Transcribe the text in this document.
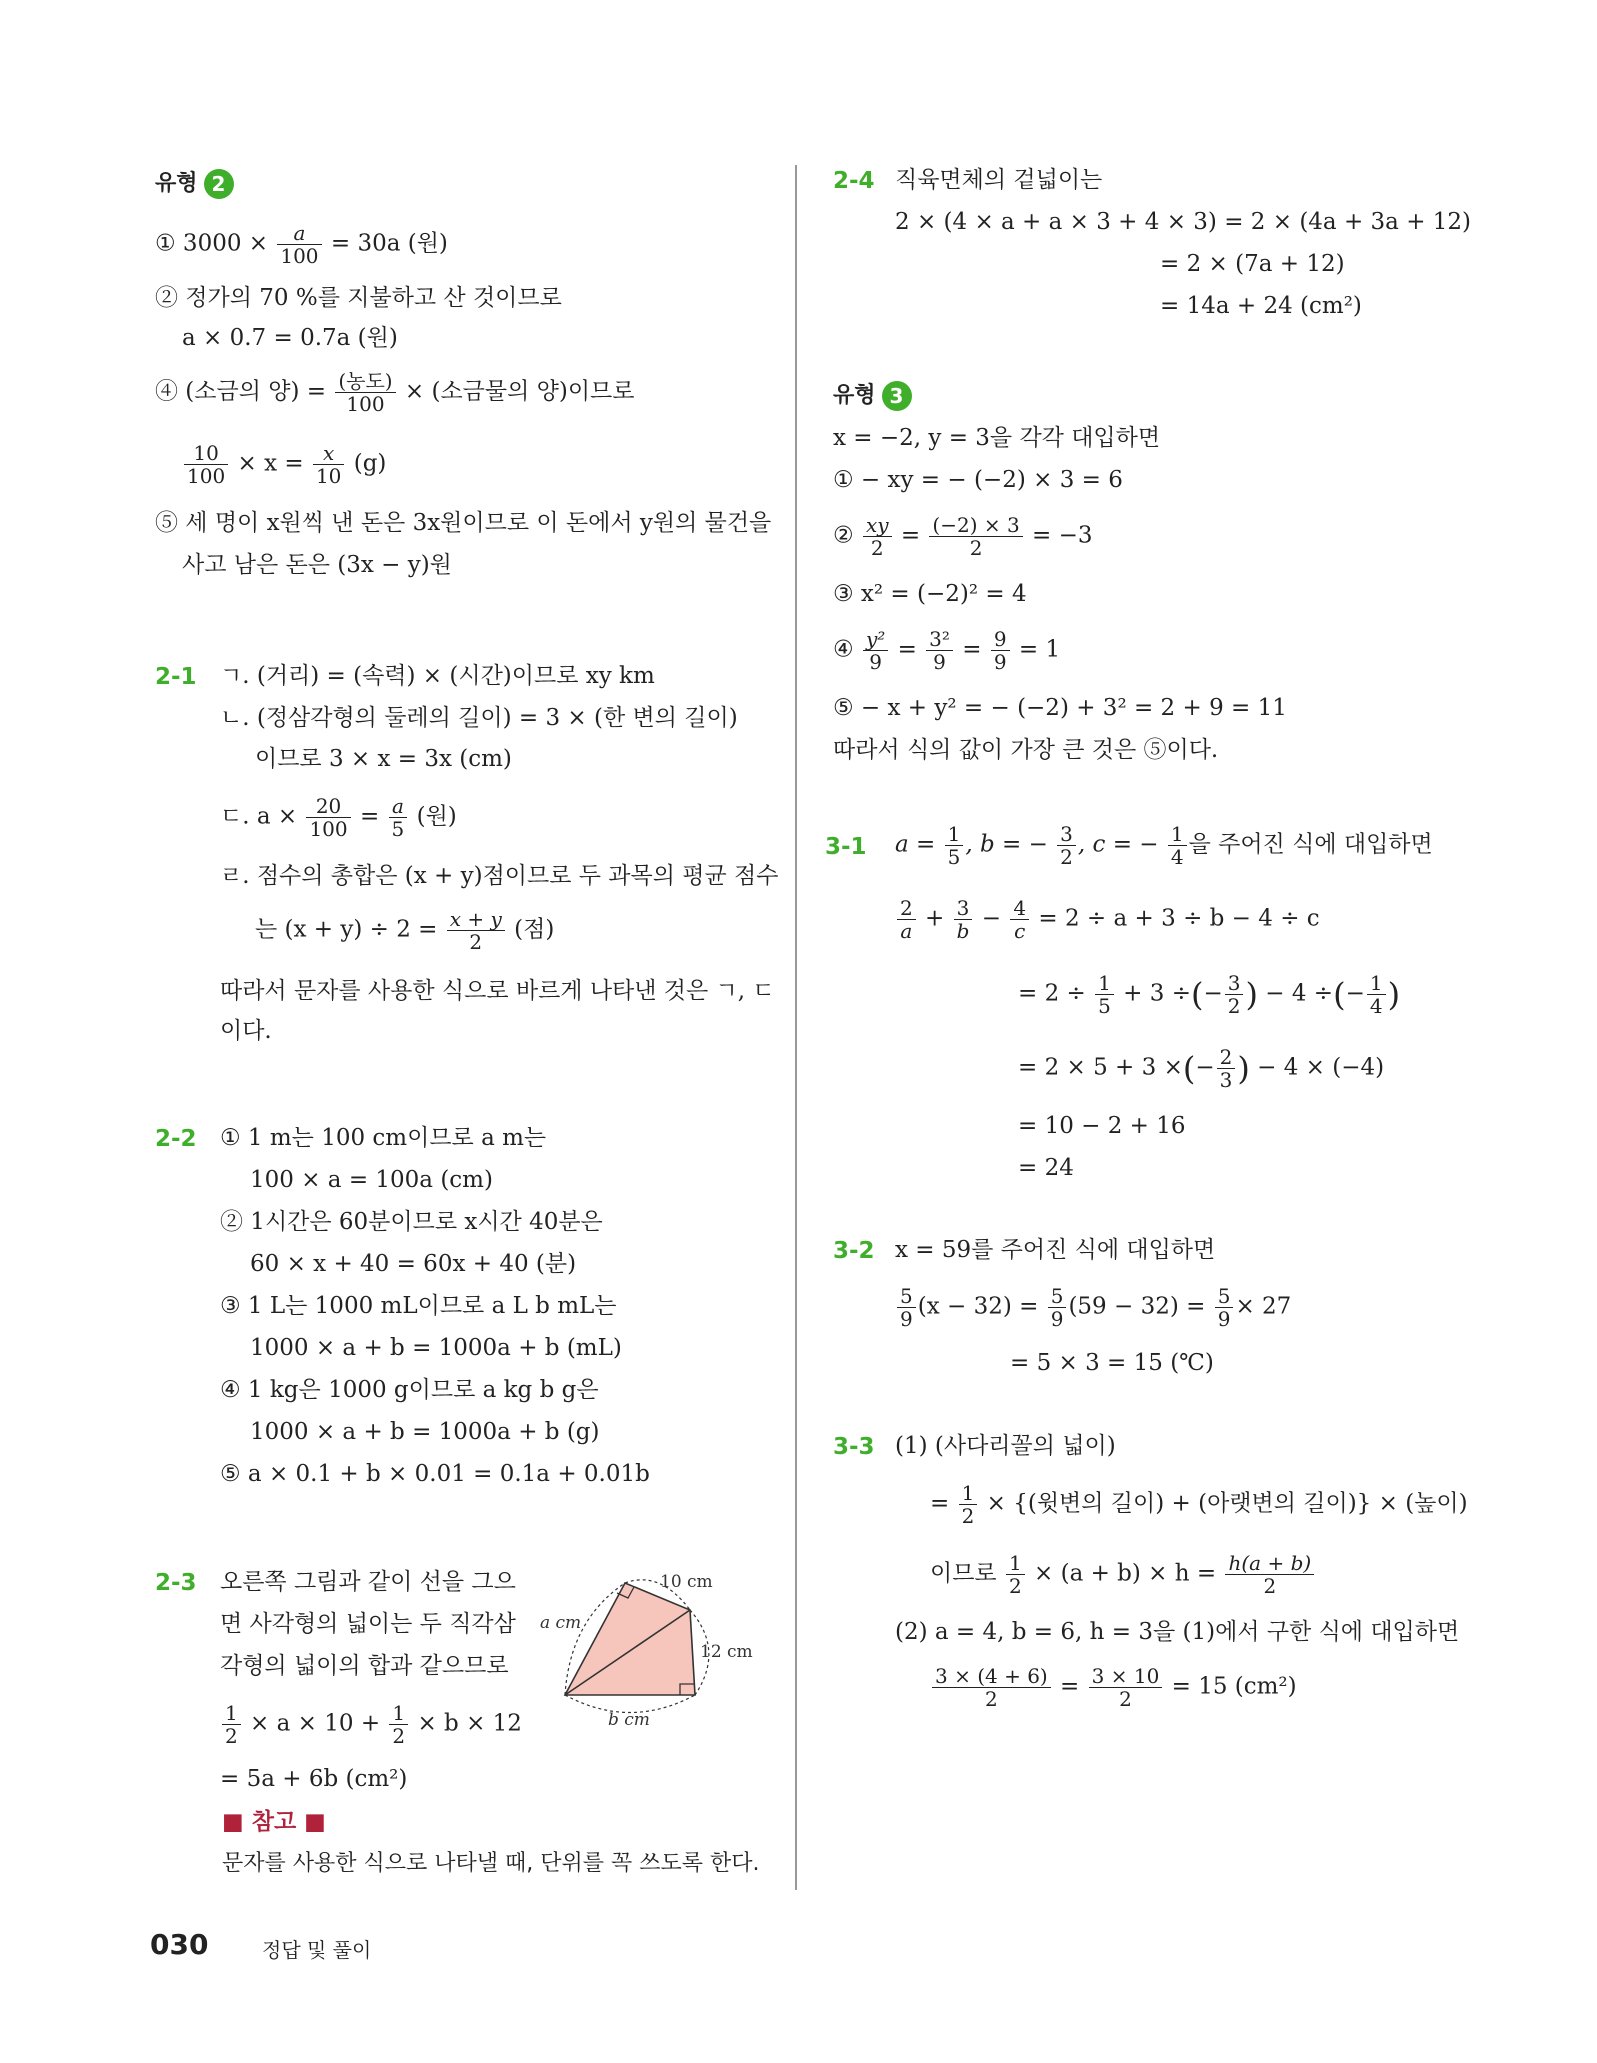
유형 2
① $3000 \times \frac{a}{100} = 30a$ (원)
② 정가의 70 %를 지불하고 산 것이므로
a × 0.7 = 0.7a (원)
④ (소금의 양) = $\frac{\text{(농도)}}{100}$ × (소금물의 양)이므로
$\frac{10}{100} \times x = \frac{x}{10} (g)$
⑤ 세 명이 x원씩 낸 돈은 3x원이므로 이 돈에서 y원의 물건을
사고 남은 돈은 (3x − y)원
2-1 ㄱ. (거리) = (속력) × (시간)이므로 xy km
ㄴ. (정삼각형의 둘레의 길이) = 3 × (한 변의 길이)
이므로 3 × x = 3x (cm)
ㄷ. $a \times \frac{20}{100} = \frac{a}{5}$ (원)
ㄹ. 점수의 총합은 (x + y)점이므로 두 과목의 평균 점수
는 $(x + y) \div 2 = \frac{x + y}{2}$ (점)
따라서 문자를 사용한 식으로 바르게 나타낸 것은 ㄱ, ㄷ
이다.
2-2 ① 1 m는 100 cm이므로 a m는
100 × a = 100a (cm)
② 1시간은 60분이므로 x시간 40분은
60 × x + 40 = 60x + 40 (분)
③ 1 L는 1000 mL이므로 a L b mL는
1000 × a + b = 1000a + b (mL)
④ 1 kg은 1000 g이므로 a kg b g은
1000 × a + b = 1000a + b (g)
⑤ a × 0.1 + b × 0.01 = 0.1a + 0.01b
2-3 오른쪽 그림과 같이 선을 그으
면 사각형의 넓이는 두 직각삼
각형의 넓이의 합과 같으므로
$\frac{1}{2} \times a \times 10 + \frac{1}{2} \times b \times 12$
= 5a + 6b (cm²)
10 cm
a cm
12 cm
b cm
■ 참고 ■
문자를 사용한 식으로 나타낼 때, 단위를 꼭 쓰도록 한다.
2-4 직육면체의 겉넓이는
2 × (4 × a + a × 3 + 4 × 3) = 2 × (4a + 3a + 12)
= 2 × (7a + 12)
= 14a + 24 (cm²)
유형 3
x = −2, y = 3을 각각 대입하면
① − xy = − (−2) × 3 = 6
② $\frac{xy}{2} = \frac{(-2) \times 3}{2} = -3$
③ x² = (−2)² = 4
④ $\frac{\text{y²}}{9} = \frac{\text{3²}}{9} = \frac{9}{9} = 1$
⑤ − x + y² = − (−2) + 3² = 2 + 9 = 11
따라서 식의 값이 가장 큰 것은 ⑤이다.
3-1 $a = \frac{1}{5}$ , b = − $\frac{3}{2}$ , c = − $\frac{1}{4}$ 을 주어진 식에 대입하면
$\frac{2}{a} + \frac{3}{b} - \frac{4}{c} = 2 \div a + 3 \div b - 4 \div c$
= $2 \div \frac{1}{5} + 3$ ÷(− $\frac{3}{2}$ ) − 4 ÷(− $\frac{1}{4}$ )
= 2 × 5 + 3 ×(− $\frac{2}{3}$ ) − 4 × (−4)
= 10 − 2 + 16
= 24
3-2 x = 59를 주어진 식에 대입하면
$\frac{5}{9} (x - 32) = \frac{5}{9} (59 - 32) = \frac{5}{9} \times 27$
= 5 × 3 = 15 (℃)
3-3 (1) (사다리꼴의 넓이)
= $\frac{1}{2}$ × {(윗변의 길이) + (아랫변의 길이)} × (높이)
이므로 $\frac{1}{2} \times (a + b) \times h = \frac{h(a + b)}{2}$
(2) a = 4, b = 6, h = 3을 (1)에서 구한 식에 대입하면
$\frac{3 \times (4 + 6)}{2} = \frac{3 \times 10}{2} = 15$ (cm²)
030	정답 및 풀이
